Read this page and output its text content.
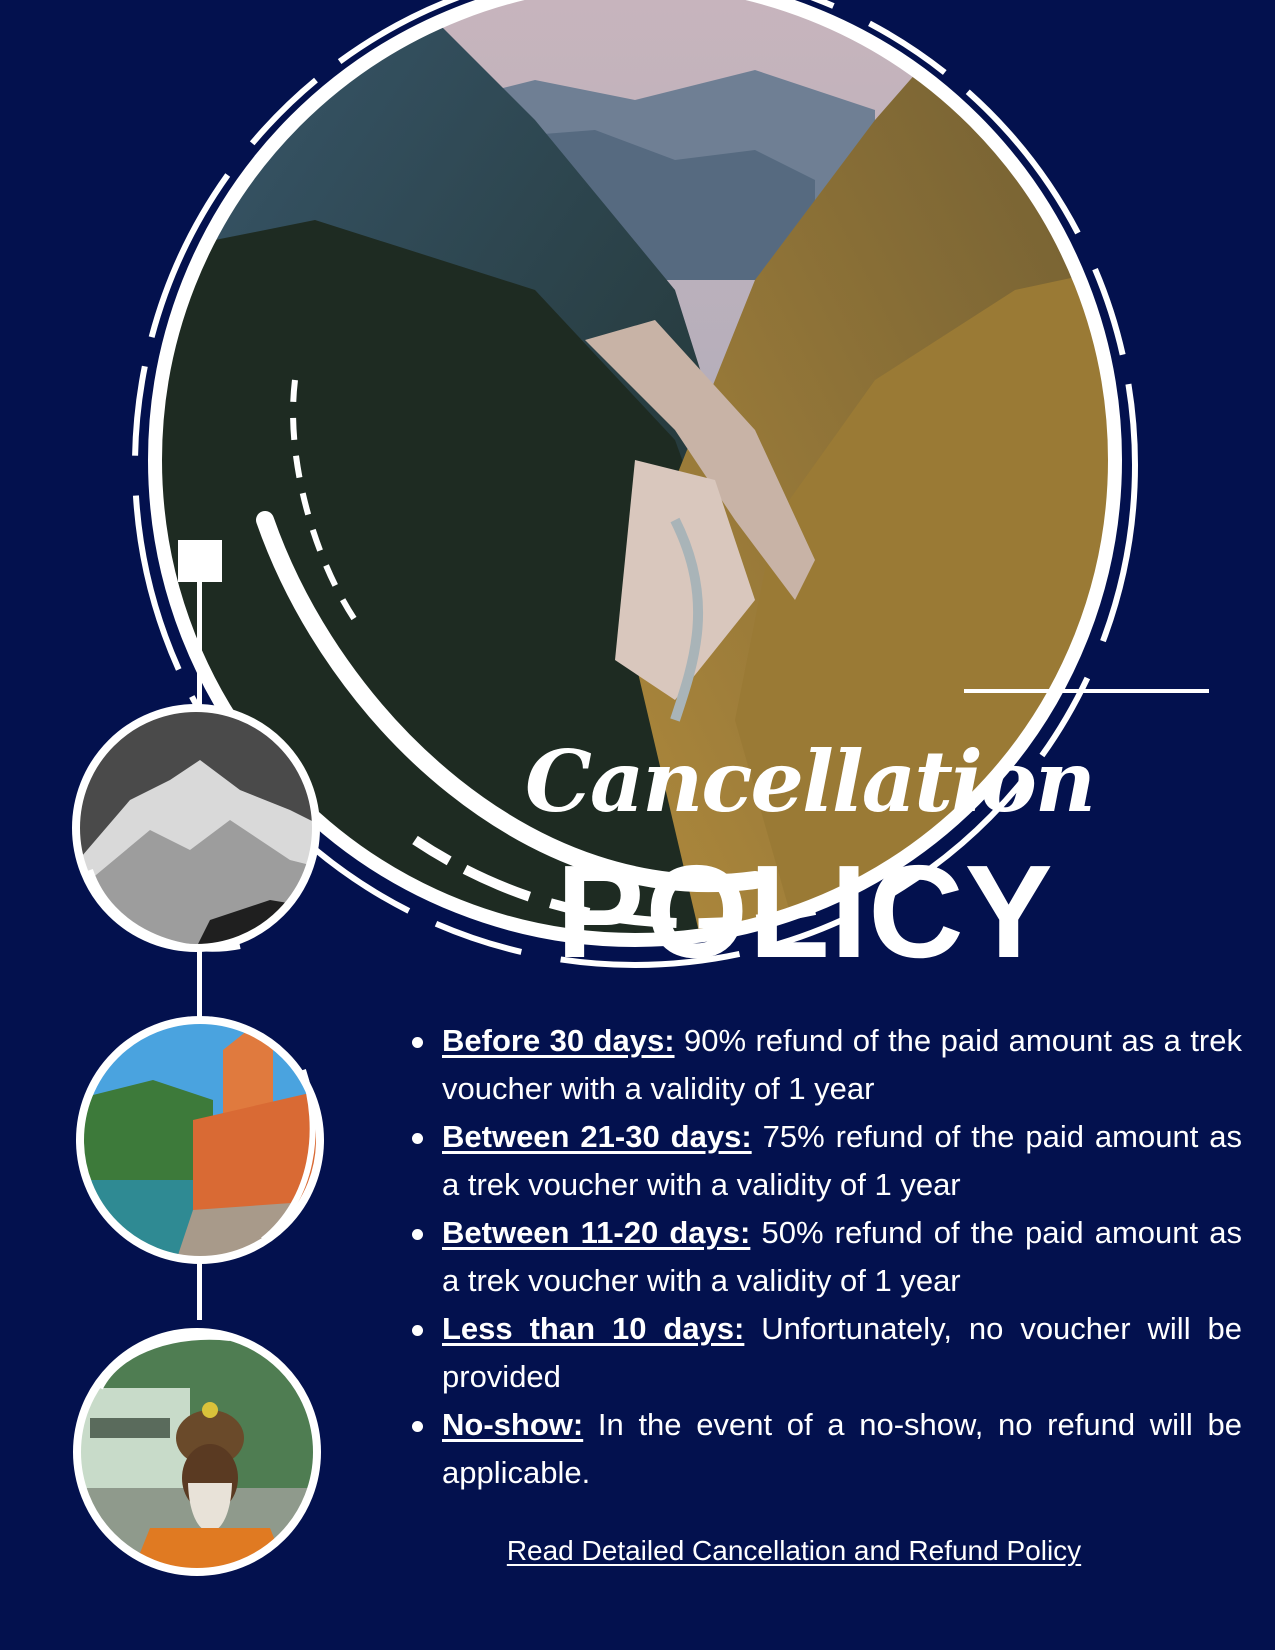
Cancellation
POLICY
Before 30 days: 90% refund of the paid amount as a trek voucher with a validity of 1 year
Between 21-30 days: 75% refund of the paid amount as a trek voucher with a validity of 1 year
Between 11-20 days: 50% refund of the paid amount as a trek voucher with a validity of 1 year
Less than 10 days: Unfortunately, no voucher will be provided
No-show: In the event of a no-show, no refund will be applicable.
Read Detailed Cancellation and Refund Policy
